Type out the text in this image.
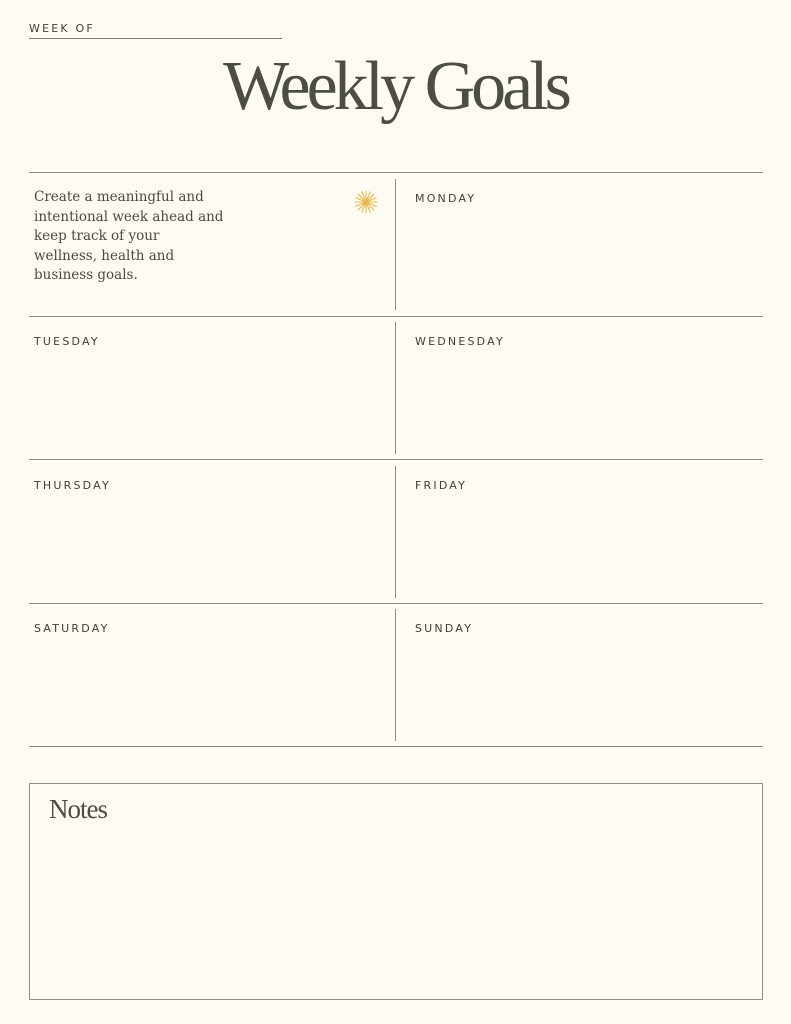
WEEK OF
Weekly Goals
Create a meaningful and intentional week ahead and keep track of your wellness, health and business goals.
MONDAY
TUESDAY	WEDNESDAY
THURSDAY	FRIDAY
SATURDAY	SUNDAY
Notes
